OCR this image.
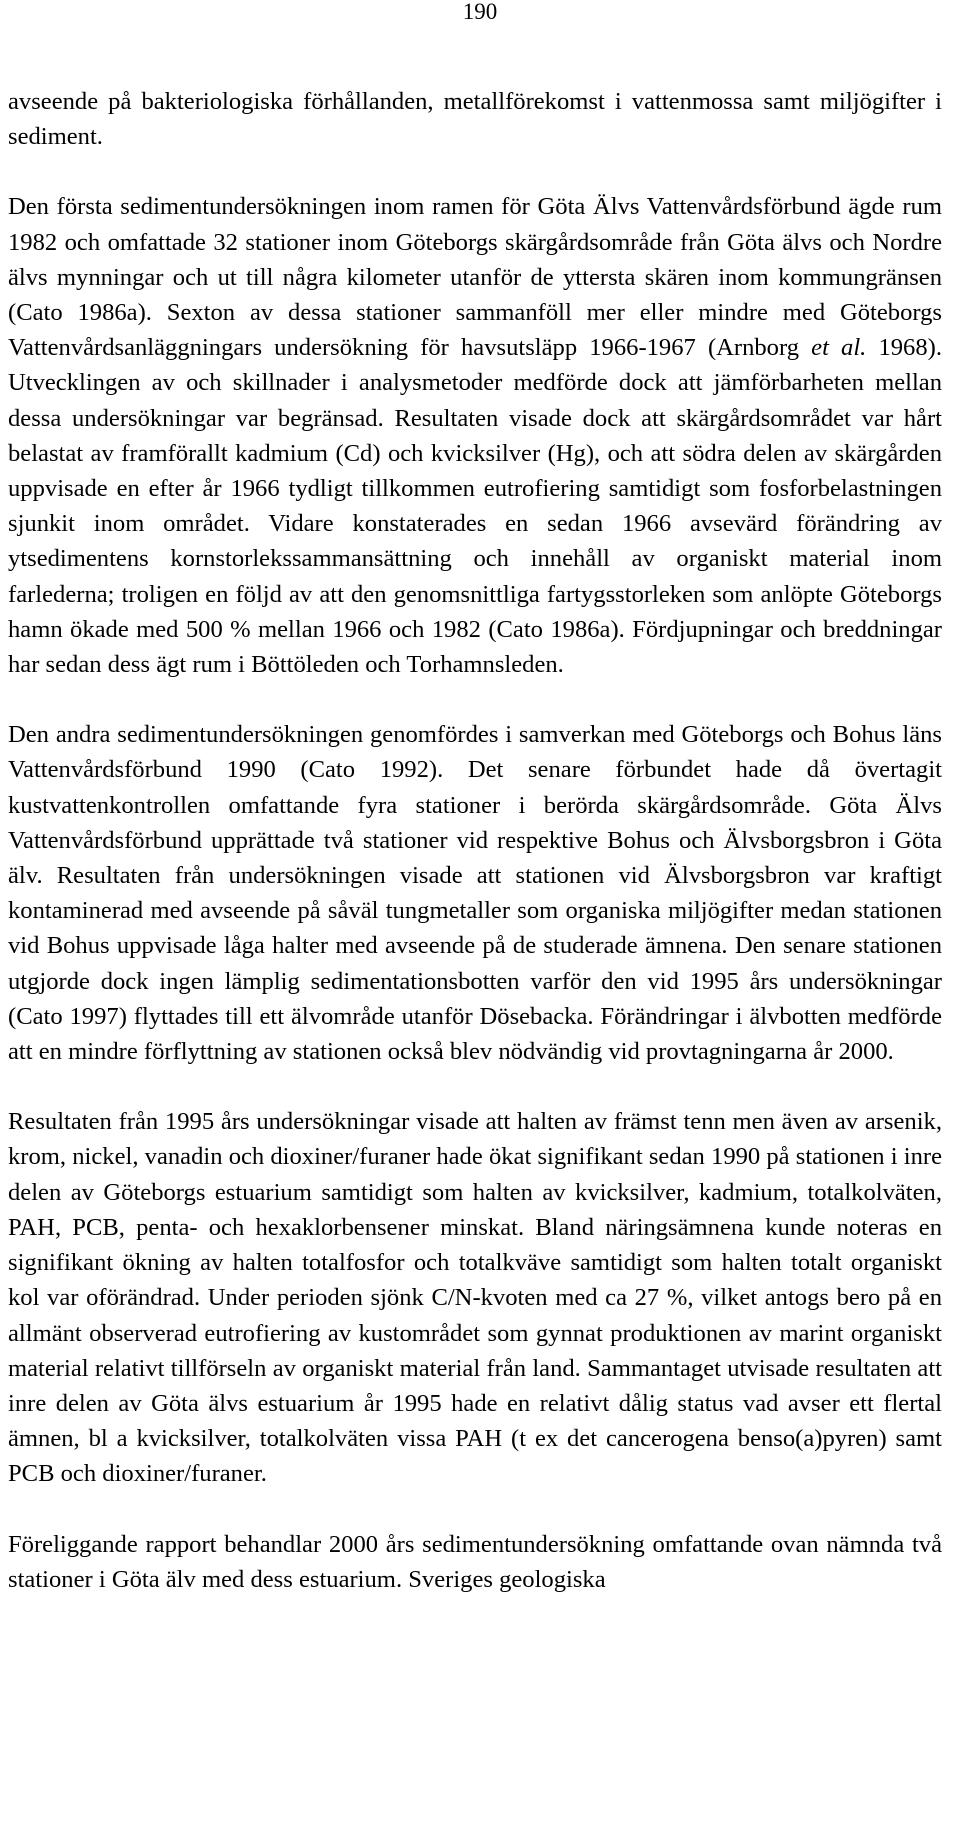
190

avseende på bakteriologiska förhållanden, metallförekomst i vattenmossa samt miljögifter i sediment.

Den första sedimentundersökningen inom ramen för Göta Älvs Vattenvårdsförbund ägde rum 1982 och omfattade 32 stationer inom Göteborgs skärgårdsområde från Göta älvs och Nordre älvs mynningar och ut till några kilometer utanför de yttersta skären inom kommungränsen (Cato 1986a). Sexton av dessa stationer sammanföll mer eller mindre med Göteborgs Vattenvårdsanläggningars undersökning för havsutsläpp 1966-1967 (Arnborg et al. 1968). Utvecklingen av och skillnader i analysmetoder medförde dock att jämförbarheten mellan dessa undersökningar var begränsad. Resultaten visade dock att skärgårdsområdet var hårt belastat av framförallt kadmium (Cd) och kvicksilver (Hg), och att södra delen av skärgården uppvisade en efter år 1966 tydligt tillkommen eutrofiering samtidigt som fosforbelastningen sjunkit inom området. Vidare konstaterades en sedan 1966 avsevärd förändring av ytsedimentens kornstorlekssammansättning och innehåll av organiskt material inom farlederna; troligen en följd av att den genomsnittliga fartygsstorleken som anlöpte Göteborgs hamn ökade med 500 % mellan 1966 och 1982 (Cato 1986a). Fördjupningar och breddningar har sedan dess ägt rum i Böttöleden och Torhamnsleden.

Den andra sedimentundersökningen genomfördes i samverkan med Göteborgs och Bohus läns Vattenvårdsförbund 1990 (Cato 1992). Det senare förbundet hade då övertagit kustvattenkontrollen omfattande fyra stationer i berörda skärgårdsområde. Göta Älvs Vattenvårdsförbund upprättade två stationer vid respektive Bohus och Älvsborgsbron i Göta älv. Resultaten från undersökningen visade att stationen vid Älvsborgsbron var kraftigt kontaminerad med avseende på såväl tungmetaller som organiska miljögifter medan stationen vid Bohus uppvisade låga halter med avseende på de studerade ämnena. Den senare stationen utgjorde dock ingen lämplig sedimentationsbotten varför den vid 1995 års undersökningar (Cato 1997) flyttades till ett älvområde utanför Dösebacka. Förändringar i älvbotten medförde att en mindre förflyttning av stationen också blev nödvändig vid provtagningarna år 2000.

Resultaten från 1995 års undersökningar visade att halten av främst tenn men även av arsenik, krom, nickel, vanadin och dioxiner/furaner hade ökat signifikant sedan 1990 på stationen i inre delen av Göteborgs estuarium samtidigt som halten av kvicksilver, kadmium, totalkolväten, PAH, PCB, penta- och hexaklorbensener minskat. Bland näringsämnena kunde noteras en signifikant ökning av halten totalfosfor och totalkväve samtidigt som halten totalt organiskt kol var oförändrad. Under perioden sjönk C/N-kvoten med ca 27 %, vilket antogs bero på en allmänt observerad eutrofiering av kustområdet som gynnat produktionen av marint organiskt material relativt tillförseln av organiskt material från land. Sammantaget utvisade resultaten att inre delen av Göta älvs estuarium år 1995 hade en relativt dålig status vad avser ett flertal ämnen, bl a kvicksilver, totalkolväten vissa PAH (t ex det cancerogena benso(a)pyren) samt PCB och dioxiner/furaner.

Föreliggande rapport behandlar 2000 års sedimentundersökning omfattande ovan nämnda två stationer i Göta älv med dess estuarium. Sveriges geologiska
